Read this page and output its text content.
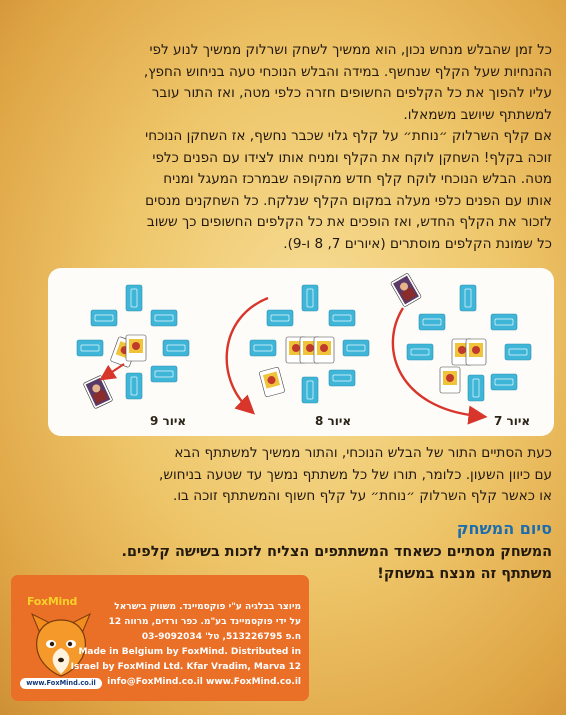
כל זמן שהבלש מנחש נכון, הוא ממשיך לשחק ושרלוק ממשיך לנוע לפי
ההנחיות שעל הקלף שנחשף. במידה והבלש הנוכחי טעה בניחוש החפץ,
עליו להפוך את כל הקלפים החשופים חזרה כלפי מטה, ואז התור עובר
למשתתף שיושב משמאלו.

אם קלף השרלוק ״נוחת״ על קלף גלוי שכבר נחשף, אז השחקן הנוכחי
זוכה בקלף! השחקן לוקח את הקלף ומניח אותו לצידו עם הפנים כלפי
מטה. הבלש הנוכחי לוקח קלף חדש מהקופה שבמרכז המעגל ומניח
אותו עם הפנים כלפי מעלה במקום הקלף שנלקח. כל השחקנים מנסים
לזכור את הקלף החדש, ואז הופכים את כל הקלפים החשופים כך ששוב
כל שמונת הקלפים מוסתרים (איורים 7, 8 ו-9).

איור 9	איור 8	איור 7

כעת הסתיים התור של הבלש הנוכחי, והתור ממשיך למשתתף הבא
עם כיוון השעון. כלומר, תורו של כל משתתף נמשך עד שטעה בניחוש,
או כאשר קלף השרלוק ״נוחת״ על קלף חשוף והמשתתף זוכה בו.

סיום המשחק

המשחק מסתיים כשאחד המשתתפים הצליח לזכות בשישה קלפים.
משתתף זה מנצח במשחק!

FoxMind
www.FoxMind.co.il

מיוצר בבלגיה ע"י פוקסמיינד. משווק בישראל

על ידי פוקסמיינד בע"מ. כפר ורדים, מרווה 12

ח.פ 513226795, טל' 03-9092034

Made in Belgium by FoxMind. Distributed in

Israel by FoxMind Ltd. Kfar Vradim, Marva 12

info@FoxMind.co.il www.FoxMind.co.il
